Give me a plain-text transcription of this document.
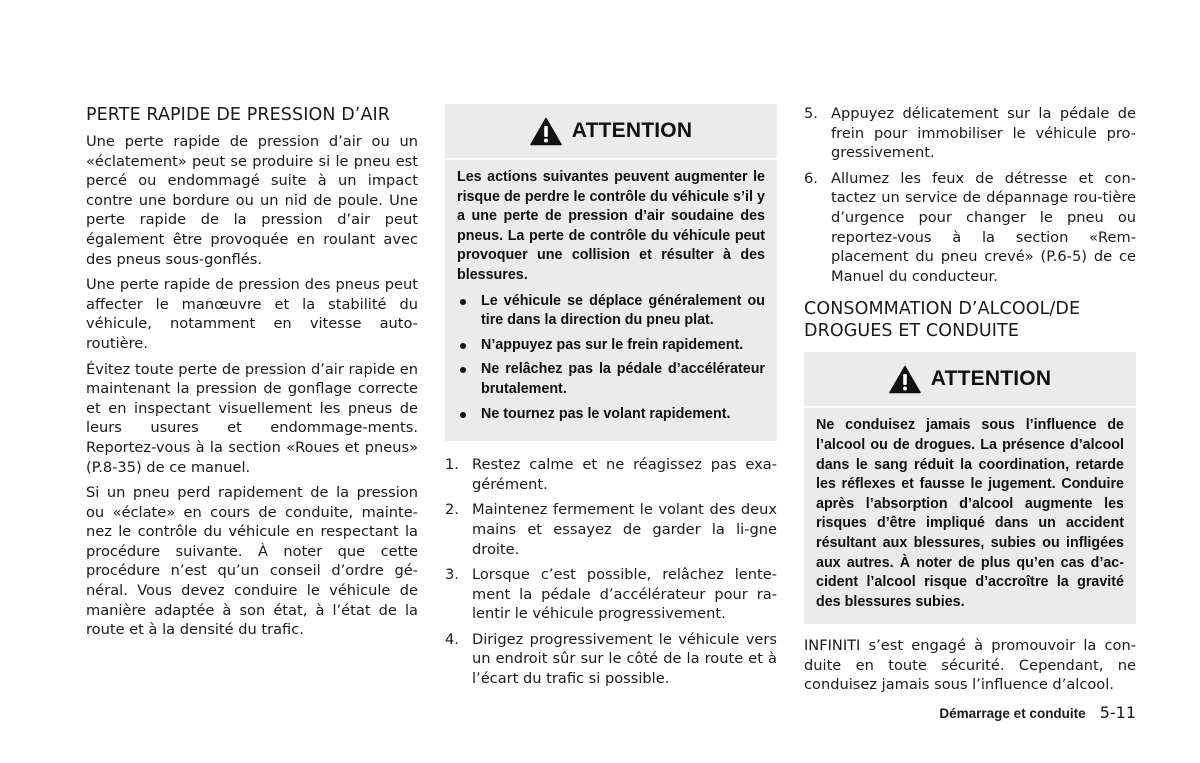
PERTE RAPIDE DE PRESSION D’AIR

Une perte rapide de pression d’air ou un «éclatement» peut se produire si le pneu est percé ou endommagé suite à un impact contre une bordure ou un nid de poule. Une perte rapide de la pression d’air peut également être provoquée en roulant avec des pneus sous-gonflés.

Une perte rapide de pression des pneus peut affecter le manœuvre et la stabilité du véhicule, notamment en vitesse auto-routière.

Évitez toute perte de pression d’air rapide en maintenant la pression de gonflage correcte et en inspectant visuellement les pneus de leurs usures et endommage-ments. Reportez-vous à la section «Roues et pneus» (P.8-35) de ce manuel.

Si un pneu perd rapidement de la pression ou «éclate» en cours de conduite, mainte-nez le contrôle du véhicule en respectant la procédure suivante. À noter que cette procédure n’est qu’un conseil d’ordre gé-néral. Vous devez conduire le véhicule de manière adaptée à son état, à l’état de la route et à la densité du trafic.

ATTENTION

Les actions suivantes peuvent augmenter le risque de perdre le contrôle du véhicule s’il y a une perte de pression d’air soudaine des pneus. La perte de contrôle du véhicule peut provoquer une collision et résulter à des blessures.

Le véhicule se déplace généralement ou tire dans la direction du pneu plat.
N’appuyez pas sur le frein rapidement.
Ne relâchez pas la pédale d’accélérateur brutalement.
Ne tournez pas le volant rapidement.
1. Restez calme et ne réagissez pas exa-gérément.
2. Maintenez fermement le volant des deux mains et essayez de garder la li-gne droite.
3. Lorsque c’est possible, relâchez lente-ment la pédale d’accélérateur pour ra-lentir le véhicule progressivement.
4. Dirigez progressivement le véhicule vers un endroit sûr sur le côté de la route et à l’écart du trafic si possible.
5. Appuyez délicatement sur la pédale de frein pour immobiliser le véhicule pro-gressivement.
6. Allumez les feux de détresse et con-tactez un service de dépannage rou-tière d’urgence pour changer le pneu ou reportez-vous à la section «Rem-placement du pneu crevé» (P.6-5) de ce Manuel du conducteur.
CONSOMMATION D’ALCOOL/DE
DROGUES ET CONDUITE
ATTENTION

Ne conduisez jamais sous l’influence de l’alcool ou de drogues. La présence d’alcool dans le sang réduit la coordination, retarde les réflexes et fausse le jugement. Conduire après l’absorption d’alcool augmente les risques d’être impliqué dans un accident résultant aux blessures, subies ou infligées aux autres. À noter de plus qu’en cas d’ac-cident l’alcool risque d’accroître la gravité des blessures subies.

INFINITI s’est engagé à promouvoir la con-duite en toute sécurité. Cependant, ne conduisez jamais sous l’influence d’alcool.

Démarrage et conduite 5-11
